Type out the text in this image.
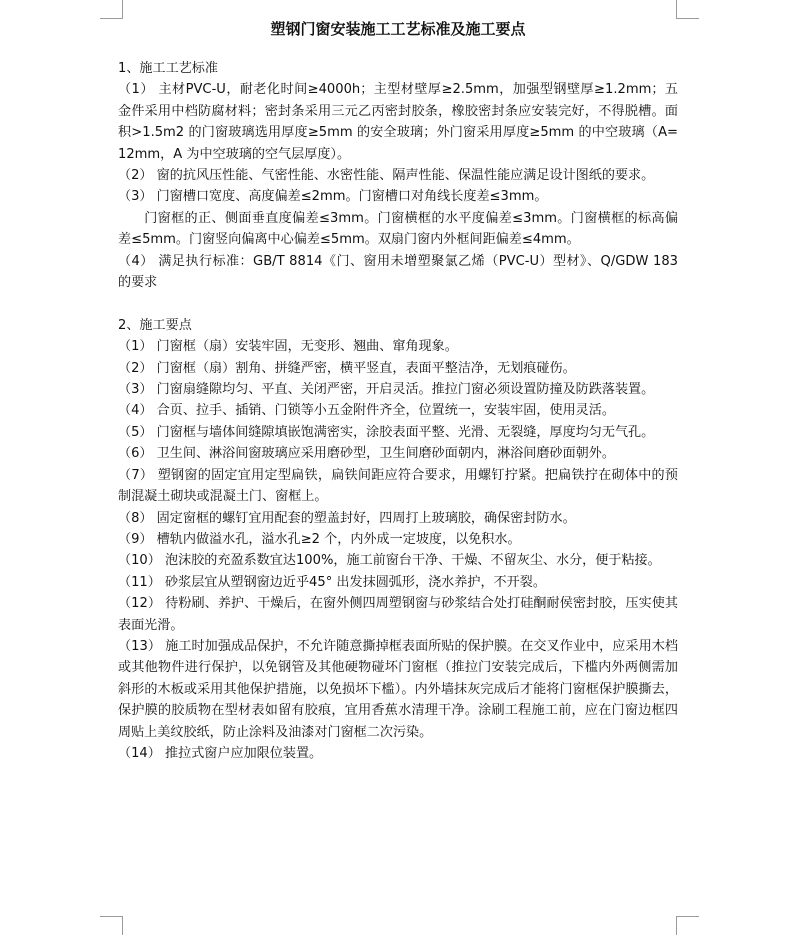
塑钢门窗安装施工工艺标准及施工要点

1、施工工艺标准

（1） 主材PVC-U，耐老化时间≥4000h；主型材壁厚≥2.5mm，加强型钢壁厚≥1.2mm；五金件采用中档防腐材料；密封条采用三元乙丙密封胶条，橡胶密封条应安装完好，不得脱槽。面积>1.5m2 的门窗玻璃选用厚度≥5mm 的安全玻璃；外门窗采用厚度≥5mm 的中空玻璃（A=12mm，A 为中空玻璃的空气层厚度）。

（2） 窗的抗风压性能、气密性能、水密性能、隔声性能、保温性能应满足设计图纸的要求。

（3） 门窗槽口宽度、高度偏差≤2mm。门窗槽口对角线长度差≤3mm。

门窗框的正、侧面垂直度偏差≤3mm。门窗横框的水平度偏差≤3mm。门窗横框的标高偏差≤5mm。门窗竖向偏离中心偏差≤5mm。双扇门窗内外框间距偏差≤4mm。

（4） 满足执行标准：GB/T 8814《门、窗用未增塑聚氯乙烯（PVC-U）型材》、Q/GDW 183 的要求

2、施工要点

（1） 门窗框（扇）安装牢固，无变形、翘曲、窜角现象。

（2） 门窗框（扇）割角、拼缝严密，横平竖直，表面平整洁净，无划痕碰伤。

（3） 门窗扇缝隙均匀、平直、关闭严密，开启灵活。推拉门窗必须设置防撞及防跌落装置。

（4） 合页、拉手、插销、门锁等小五金附件齐全，位置统一，安装牢固，使用灵活。

（5） 门窗框与墙体间缝隙填嵌饱满密实，涂胶表面平整、光滑、无裂缝，厚度均匀无气孔。

（6） 卫生间、淋浴间窗玻璃应采用磨砂型，卫生间磨砂面朝内，淋浴间磨砂面朝外。

（7） 塑钢窗的固定宜用定型扁铁，扁铁间距应符合要求，用螺钉拧紧。把扁铁拧在砌体中的预制混凝土砌块或混凝土门、窗框上。

（8） 固定窗框的螺钉宜用配套的塑盖封好，四周打上玻璃胶，确保密封防水。

（9） 槽轨内做溢水孔，溢水孔≥2 个，内外成一定坡度，以免积水。

（10） 泡沫胶的充盈系数宜达100%，施工前窗台干净、干燥、不留灰尘、水分，便于粘接。

（11） 砂浆层宜从塑钢窗边近乎45° 出发抹圆弧形，浇水养护，不开裂。

（12） 待粉刷、养护、干燥后，在窗外侧四周塑钢窗与砂浆结合处打硅酮耐侯密封胶，压实使其表面光滑。

（13） 施工时加强成品保护，不允许随意撕掉框表面所贴的保护膜。在交叉作业中，应采用木档或其他物件进行保护，以免钢管及其他硬物碰坏门窗框（推拉门安装完成后，下槛内外两侧需加斜形的木板或采用其他保护措施，以免损坏下槛）。内外墙抹灰完成后才能将门窗框保护膜撕去，保护膜的胶质物在型材表如留有胶痕，宜用香蕉水清理干净。涂刷工程施工前，应在门窗边框四周贴上美纹胶纸，防止涂料及油漆对门窗框二次污染。

（14） 推拉式窗户应加限位装置。
